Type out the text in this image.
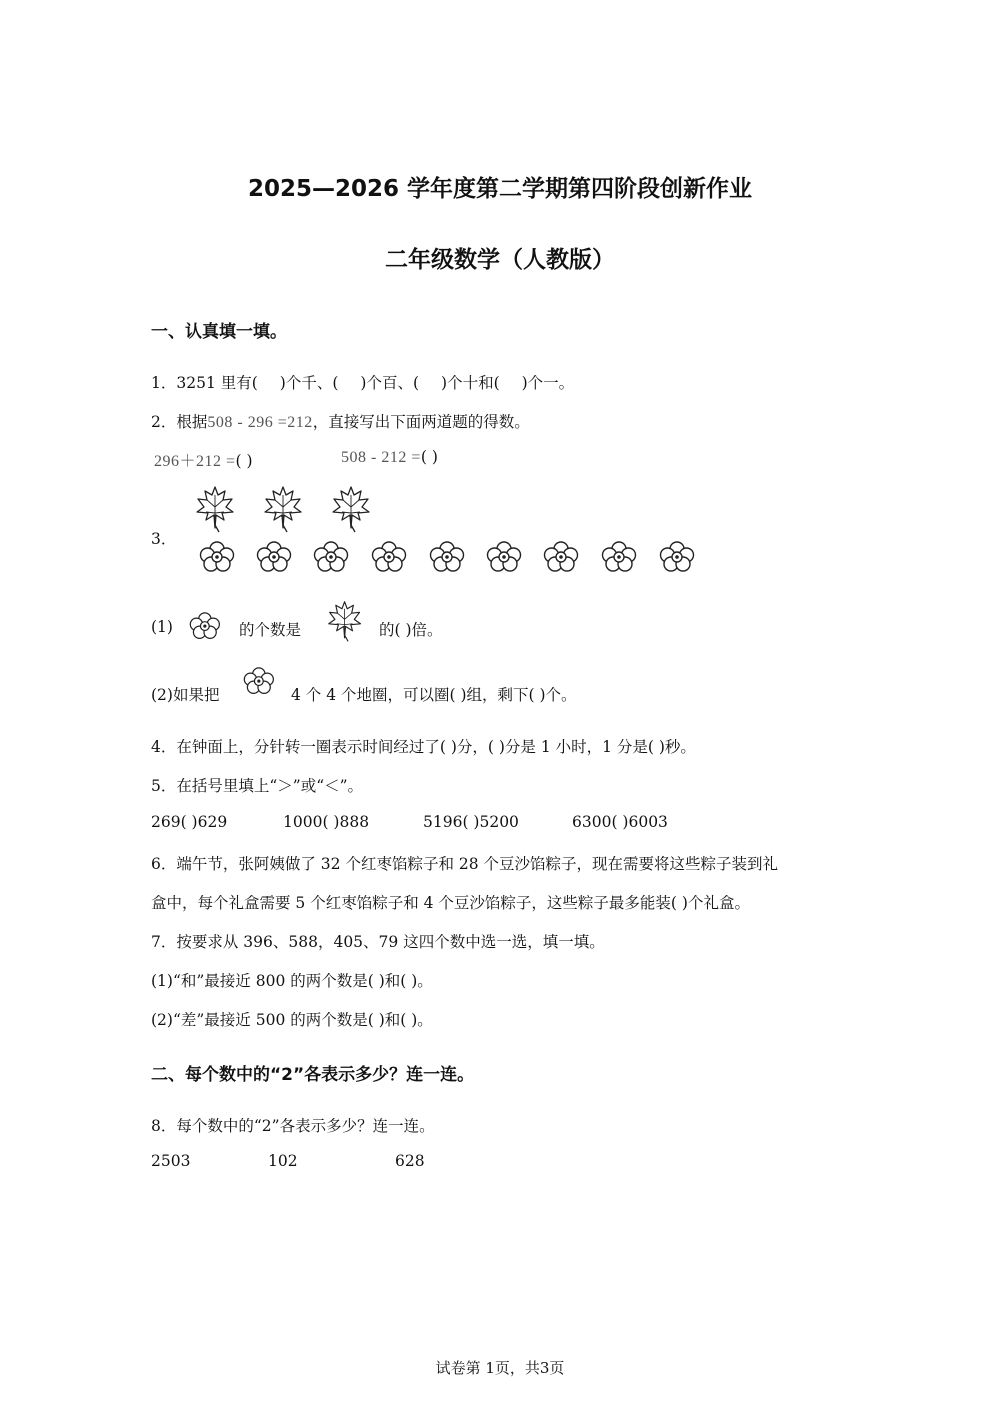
2025—2026 学年度第二学期第四阶段创新作业
二年级数学（人教版）
一、认真填一填。
1．3251 里有( )个千、( )个百、( )个十和( )个一。
2．根据508 - 296 =212，直接写出下面两道题的得数。
296＋212 =( )	508 - 212 =( )
3．
(1)	的个数是	的( )倍。
(2)如果把	4 个 4 个地圈，可以圈( )组，剩下( )个。
4．在钟面上，分针转一圈表示时间经过了( )分，( )分是 1 小时，1 分是( )秒。
5．在括号里填上“＞”或“＜”。
269( )629	1000( )888	5196( )5200	6300( )6003
6．端午节，张阿姨做了 32 个红枣馅粽子和 28 个豆沙馅粽子，现在需要将这些粽子装到礼
盒中，每个礼盒需要 5 个红枣馅粽子和 4 个豆沙馅粽子，这些粽子最多能装( )个礼盒。
7．按要求从 396、588，405、79 这四个数中选一选，填一填。
(1)“和”最接近 800 的两个数是( )和( )。
(2)“差”最接近 500 的两个数是( )和( )。
二、每个数中的“2”各表示多少？连一连。
8．每个数中的“2”各表示多少？连一连。
2503	102	628
试卷第 1页，共3页
